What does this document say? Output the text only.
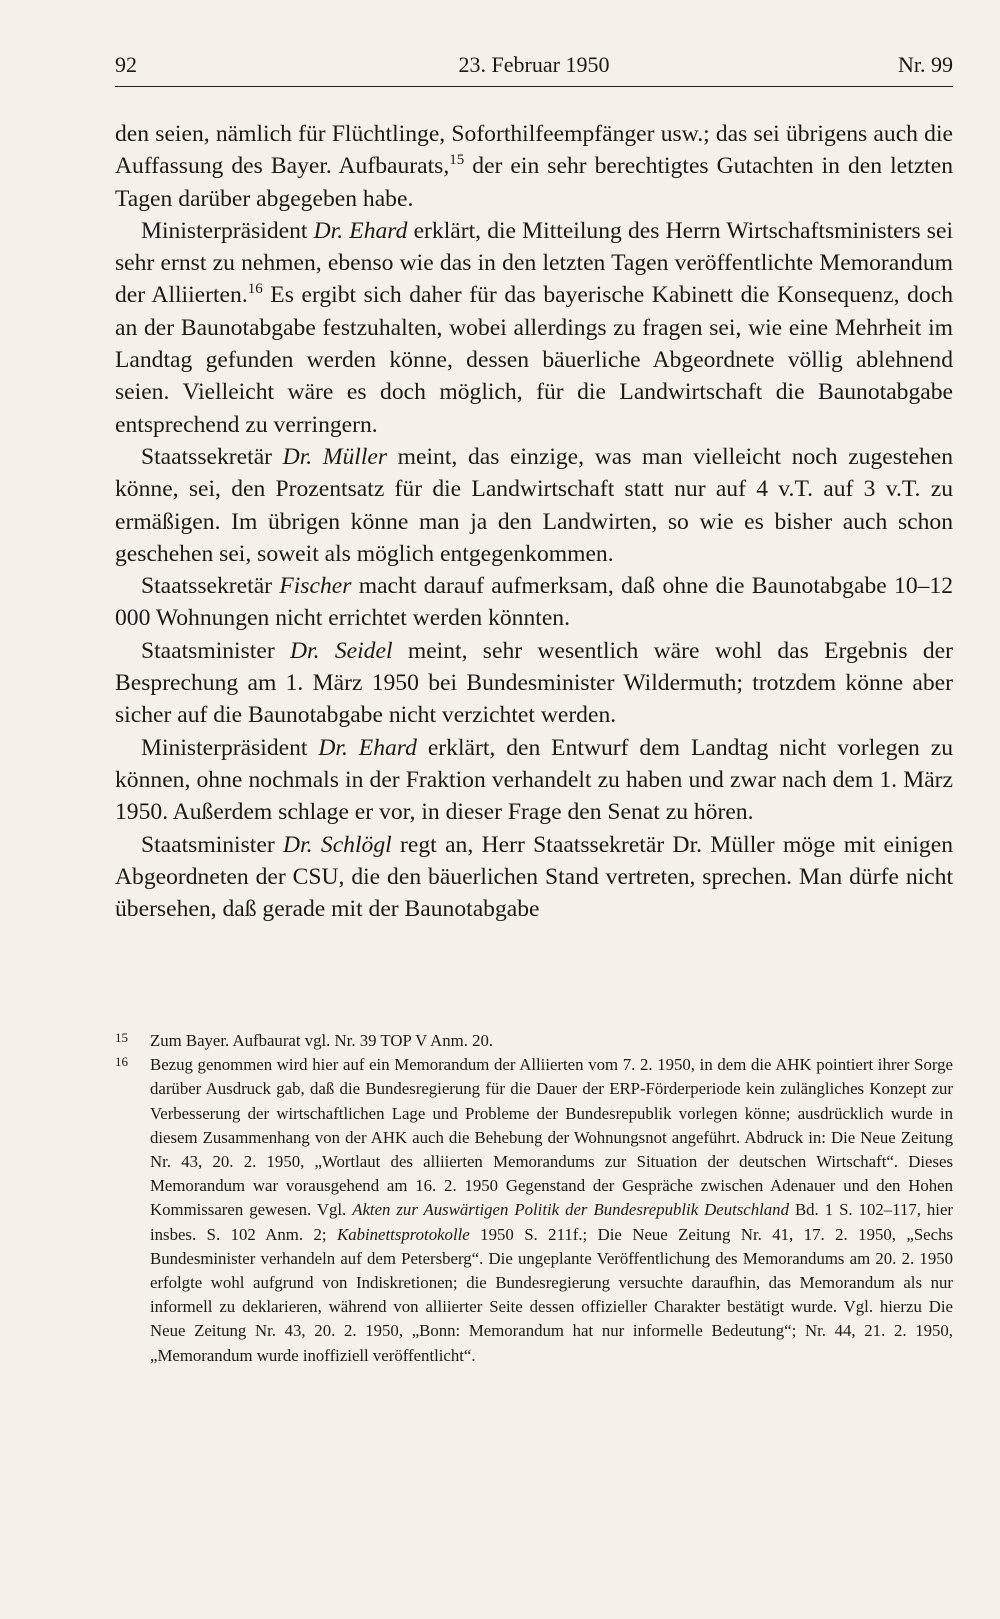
92	23. Februar 1950	Nr. 99

den seien, nämlich für Flüchtlinge, Soforthilfeempfänger usw.; das sei übrigens auch die Auffassung des Bayer. Aufbaurats,$^{15}$ der ein sehr berechtigtes Gutachten in den letzten Tagen darüber abgegeben habe.

Ministerpräsident Dr. Ehard erklärt, die Mitteilung des Herrn Wirtschaftsministers sei sehr ernst zu nehmen, ebenso wie das in den letzten Tagen veröffentlichte Memorandum der Alliierten.$^{16}$ Es ergibt sich daher für das bayerische Kabinett die Konsequenz, doch an der Baunotabgabe festzuhalten, wobei allerdings zu fragen sei, wie eine Mehrheit im Landtag gefunden werden könne, dessen bäuerliche Abgeordnete völlig ablehnend seien. Vielleicht wäre es doch möglich, für die Landwirtschaft die Baunotabgabe entsprechend zu verringern.

Staatssekretär Dr. Müller meint, das einzige, was man vielleicht noch zugestehen könne, sei, den Prozentsatz für die Landwirtschaft statt nur auf 4 v.T. auf 3 v.T. zu ermäßigen. Im übrigen könne man ja den Landwirten, so wie es bisher auch schon geschehen sei, soweit als möglich entgegenkommen.

Staatssekretär Fischer macht darauf aufmerksam, daß ohne die Baunotabgabe 10–12 000 Wohnungen nicht errichtet werden könnten.

Staatsminister Dr. Seidel meint, sehr wesentlich wäre wohl das Ergebnis der Besprechung am 1. März 1950 bei Bundesminister Wildermuth; trotzdem könne aber sicher auf die Baunotabgabe nicht verzichtet werden.

Ministerpräsident Dr. Ehard erklärt, den Entwurf dem Landtag nicht vorlegen zu können, ohne nochmals in der Fraktion verhandelt zu haben und zwar nach dem 1. März 1950. Außerdem schlage er vor, in dieser Frage den Senat zu hören.

Staatsminister Dr. Schlögl regt an, Herr Staatssekretär Dr. Müller möge mit einigen Abgeordneten der CSU, die den bäuerlichen Stand vertreten, sprechen. Man dürfe nicht übersehen, daß gerade mit der Baunotabgabe

15 Zum Bayer. Aufbaurat vgl. Nr. 39 TOP V Anm. 20.
16 Bezug genommen wird hier auf ein Memorandum der Alliierten vom 7. 2. 1950, in dem die AHK pointiert ihrer Sorge darüber Ausdruck gab, daß die Bundesregierung für die Dauer der ERP-Förderperiode kein zulängliches Konzept zur Verbesserung der wirtschaftlichen Lage und Probleme der Bundesrepublik vorlegen könne; ausdrücklich wurde in diesem Zusammenhang von der AHK auch die Behebung der Wohnungsnot angeführt. Abdruck in: Die Neue Zeitung Nr. 43, 20. 2. 1950, „Wortlaut des alliierten Memorandums zur Situation der deutschen Wirtschaft“. Dieses Memorandum war vorausgehend am 16. 2. 1950 Gegenstand der Gespräche zwischen Adenauer und den Hohen Kommissaren gewesen. Vgl. Akten zur Auswärtigen Politik der Bundesrepublik Deutschland Bd. 1 S. 102–117, hier insbes. S. 102 Anm. 2; Kabinettsprotokolle 1950 S. 211f.; Die Neue Zeitung Nr. 41, 17. 2. 1950, „Sechs Bundesminister verhandeln auf dem Petersberg“. Die ungeplante Veröffentlichung des Memorandums am 20. 2. 1950 erfolgte wohl aufgrund von Indiskretionen; die Bundesregierung versuchte daraufhin, das Memorandum als nur informell zu deklarieren, während von alliierter Seite dessen offizieller Charakter bestätigt wurde. Vgl. hierzu Die Neue Zeitung Nr. 43, 20. 2. 1950, „Bonn: Memorandum hat nur informelle Bedeutung“; Nr. 44, 21. 2. 1950, „Memorandum wurde inoffiziell veröffentlicht“.
